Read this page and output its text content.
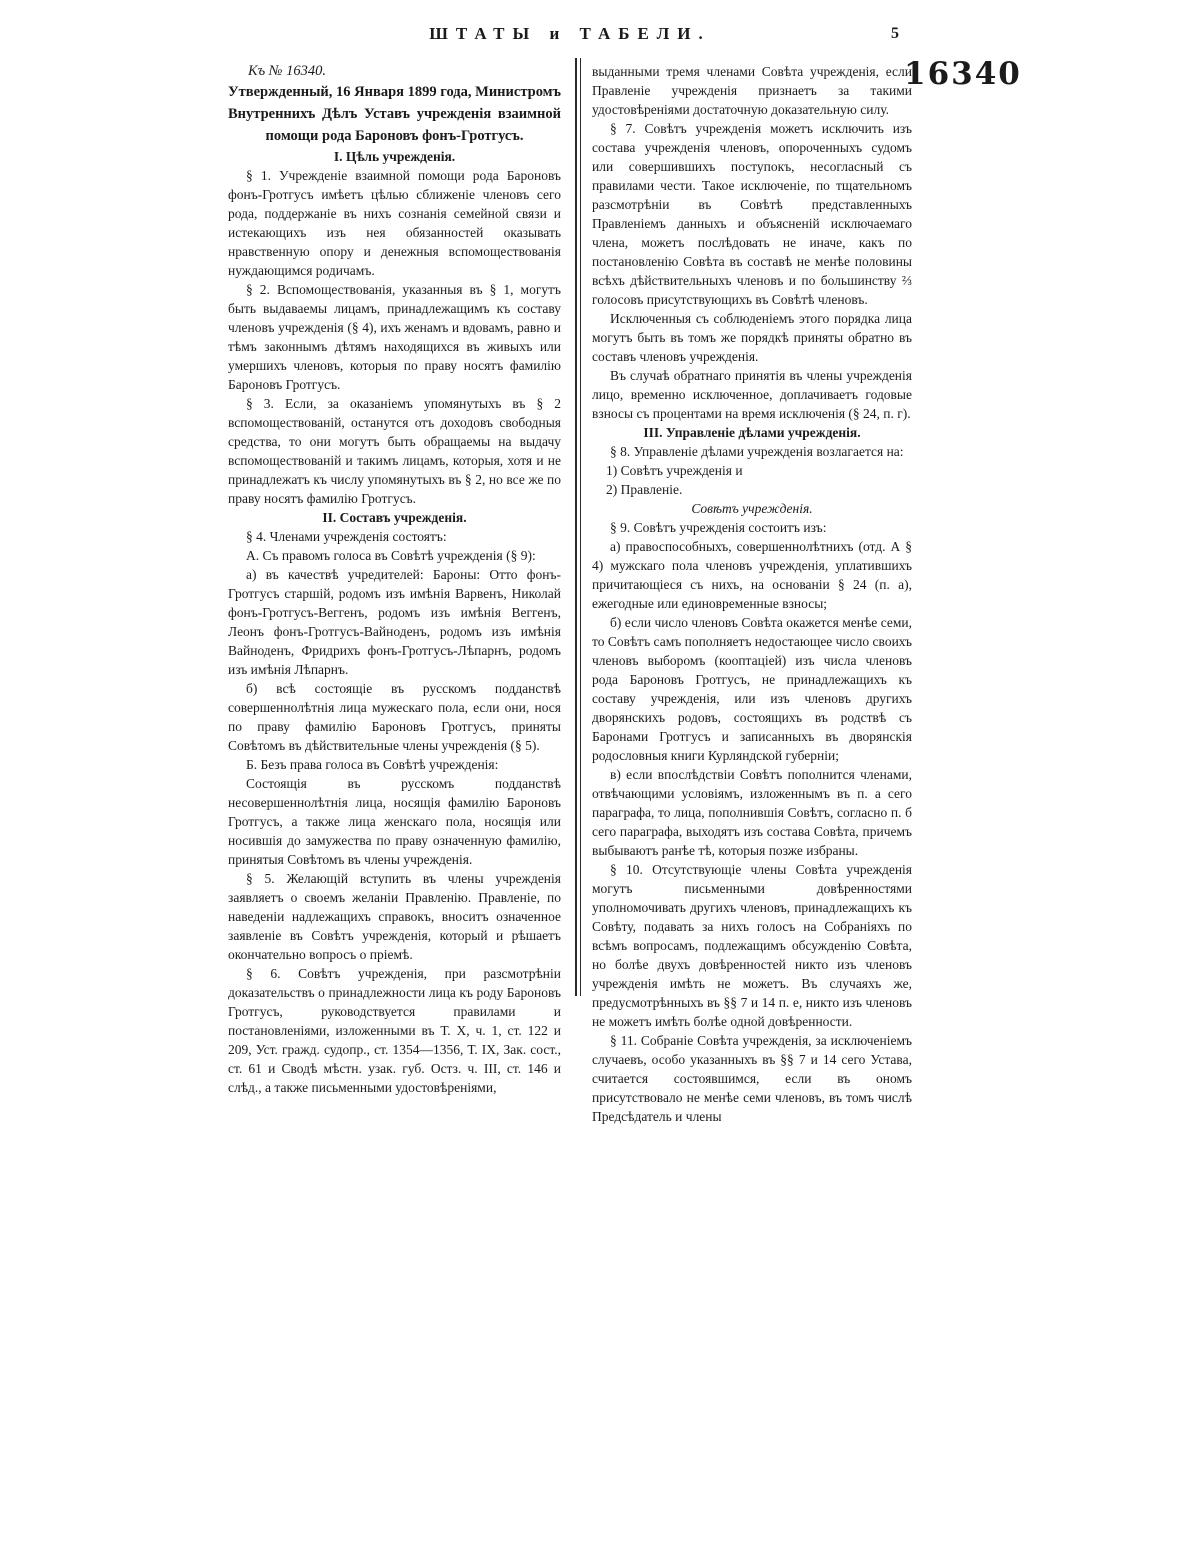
ШТАТЫ и ТАБЕЛИ.	5
16340

Къ № 16340.

Утвержденный, 16 Января 1899 года, Министромъ Внутреннихъ Дѣлъ Уставъ учрежденія взаимной помощи рода Бароновъ фонъ-Гротгусъ.

I. Цѣль учрежденія.

§ 1. Учрежденіе взаимной помощи рода Бароновъ фонъ-Гротгусъ имѣетъ цѣлью сближеніе членовъ сего рода, поддержаніе въ нихъ сознанія семейной связи и истекающихъ изъ нея обязанностей оказывать нравственную опору и денежныя вспомоществованія нуждающимся родичамъ.

§ 2. Вспомоществованія, указанныя въ § 1, могутъ быть выдаваемы лицамъ, принадлежащимъ къ составу членовъ учрежденія (§ 4), ихъ женамъ и вдовамъ, равно и тѣмъ законнымъ дѣтямъ находящихся въ живыхъ или умершихъ членовъ, которыя по праву носятъ фамилію Бароновъ Гротгусъ.

§ 3. Если, за оказаніемъ упомянутыхъ въ § 2 вспомоществованій, останутся отъ доходовъ свободныя средства, то они могутъ быть обращаемы на выдачу вспомоществованій и такимъ лицамъ, которыя, хотя и не принадлежатъ къ числу упомянутыхъ въ § 2, но все же по праву носятъ фамилію Гротгусъ.

II. Составъ учрежденія.

§ 4. Членами учрежденія состоятъ:

А. Съ правомъ голоса въ Совѣтѣ учрежденія (§ 9):

а) въ качествѣ учредителей: Бароны: Отто фонъ-Гротгусъ старшій, родомъ изъ имѣнія Варвенъ, Николай фонъ-Гротгусъ-Веггенъ, родомъ изъ имѣнія Веггенъ, Леонъ фонъ-Гротгусъ-Вайноденъ, родомъ изъ имѣнія Вайноденъ, Фридрихъ фонъ-Гротгусъ-Лѣпарнъ, родомъ изъ имѣнія Лѣпарнъ.

б) всѣ состоящіе въ русскомъ подданствѣ совершеннолѣтнія лица мужескаго пола, если они, нося по праву фамилію Бароновъ Гротгусъ, приняты Совѣтомъ въ дѣйствительные члены учрежденія (§ 5).

Б. Безъ права голоса въ Совѣтѣ учрежденія:

Состоящія въ русскомъ подданствѣ несовершеннолѣтнія лица, носящія фамилію Бароновъ Гротгусъ, а также лица женскаго пола, носящія или носившія до замужества по праву означенную фамилію, принятыя Совѣтомъ въ члены учрежденія.

§ 5. Желающій вступить въ члены учрежденія заявляетъ о своемъ желаніи Правленію. Правленіе, по наведеніи надлежащихъ справокъ, вноситъ означенное заявленіе въ Совѣтъ учрежденія, который и рѣшаетъ окончательно вопросъ о пріемѣ.

§ 6. Совѣтъ учрежденія, при разсмотрѣніи доказательствъ о принадлежности лица къ роду Бароновъ Гротгусъ, руководствуется правилами и постановленіями, изложенными въ Т. X, ч. 1, ст. 122 и 209, Уст. гражд. судопр., ст. 1354—1356, Т. IX, Зак. сост., ст. 61 и Сводѣ мѣстн. узак. губ. Остз. ч. III, ст. 146 и слѣд., а также письменными удостовѣреніями,

выданными тремя членами Совѣта учрежденія, если Правленіе учрежденія признаетъ за такими удостовѣреніями достаточную доказательную силу.

§ 7. Совѣтъ учрежденія можетъ исключить изъ состава учрежденія членовъ, опороченныхъ судомъ или совершившихъ поступокъ, несогласный съ правилами чести. Такое исключеніе, по тщательномъ разсмотрѣніи въ Совѣтѣ представленныхъ Правленіемъ данныхъ и объясненій исключаемаго члена, можетъ послѣдовать не иначе, какъ по постановленію Совѣта въ составѣ не менѣе половины всѣхъ дѣйствительныхъ членовъ и по большинству ⅔ голосовъ присутствующихъ въ Совѣтѣ членовъ.

Исключенныя съ соблюденіемъ этого порядка лица могутъ быть въ томъ же порядкѣ приняты обратно въ составъ членовъ учрежденія.

Въ случаѣ обратнаго принятія въ члены учрежденія лицо, временно исключенное, доплачиваетъ годовые взносы съ процентами на время исключенія (§ 24, п. г).

III. Управленіе дѣлами учрежденія.

§ 8. Управленіе дѣлами учрежденія возлагается на:

1) Совѣтъ учрежденія и

2) Правленіе.

Совѣтъ учрежденія.

§ 9. Совѣтъ учрежденія состоитъ изъ:

а) правоспособныхъ, совершеннолѣтнихъ (отд. А § 4) мужскаго пола членовъ учрежденія, уплатившихъ причитающіеся съ нихъ, на основаніи § 24 (п. а), ежегодные или единовременные взносы;

б) если число членовъ Совѣта окажется менѣе семи, то Совѣтъ самъ пополняетъ недостающее число своихъ членовъ выборомъ (кооптаціей) изъ числа членовъ рода Бароновъ Гротгусъ, не принадлежащихъ къ составу учрежденія, или изъ членовъ другихъ дворянскихъ родовъ, состоящихъ въ родствѣ съ Баронами Гротгусъ и записанныхъ въ дворянскія родословныя книги Курляндской губерніи;

в) если впослѣдствіи Совѣтъ пополнится членами, отвѣчающими условіямъ, изложеннымъ въ п. а сего параграфа, то лица, пополнившія Совѣтъ, согласно п. б сего параграфа, выходятъ изъ состава Совѣта, причемъ выбываютъ ранѣе тѣ, которыя позже избраны.

§ 10. Отсутствующіе члены Совѣта учрежденія могутъ письменными довѣренностями уполномочивать другихъ членовъ, принадлежащихъ къ Совѣту, подавать за нихъ голосъ на Собраніяхъ по всѣмъ вопросамъ, подлежащимъ обсужденію Совѣта, но болѣе двухъ довѣренностей никто изъ членовъ учрежденія имѣть не можетъ. Въ случаяхъ же, предусмотрѣнныхъ въ §§ 7 и 14 п. е, никто изъ членовъ не можетъ имѣть болѣе одной довѣренности.

§ 11. Собраніе Совѣта учрежденія, за исключеніемъ случаевъ, особо указанныхъ въ §§ 7 и 14 сего Устава, считается состоявшимся, если въ ономъ присутствовало не менѣе семи членовъ, въ томъ числѣ Предсѣдатель и члены
